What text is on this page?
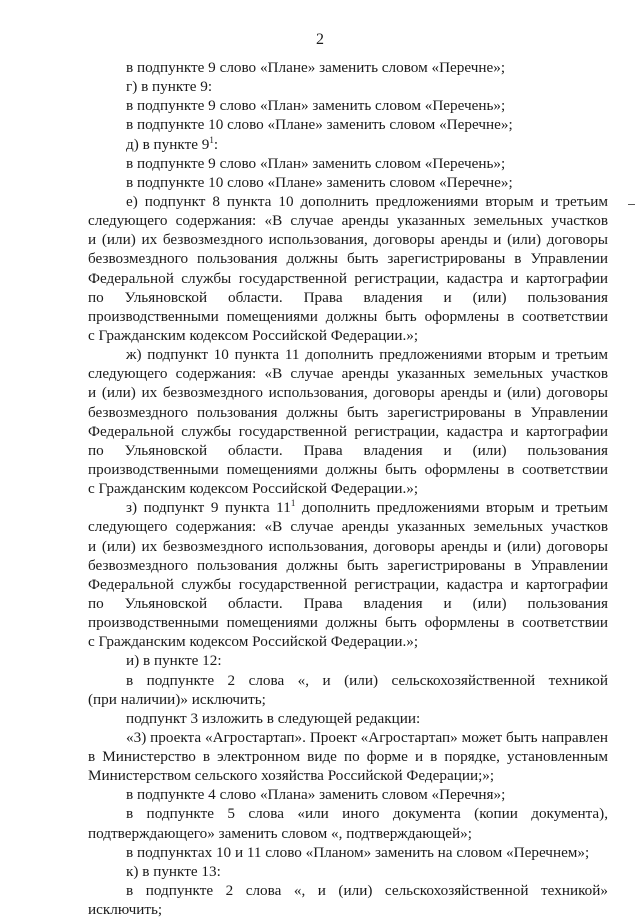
2
в подпункте 9 слово «Плане» заменить словом «Перечне»;
г) в пункте 9:
в подпункте 9 слово «План» заменить словом «Перечень»;
в подпункте 10 слово «Плане» заменить словом «Перечне»;
д) в пункте $9^1$:
в подпункте 9 слово «План» заменить словом «Перечень»;
в подпункте 10 слово «Плане» заменить словом «Перечне»;
е) подпункт 8 пункта 10 дополнить предложениями вторым и третьим
следующего содержания: «В случае аренды указанных земельных участков
и (или) их безвозмездного использования, договоры аренды и (или) договоры
безвозмездного пользования должны быть зарегистрированы в Управлении
Федеральной службы государственной регистрации, кадастра и картографии
по Ульяновской области. Права владения и (или) пользования
производственными помещениями должны быть оформлены в соответствии
с Гражданским кодексом Российской Федерации.»;
ж) подпункт 10 пункта 11 дополнить предложениями вторым и третьим
следующего содержания: «В случае аренды указанных земельных участков
и (или) их безвозмездного использования, договоры аренды и (или) договоры
безвозмездного пользования должны быть зарегистрированы в Управлении
Федеральной службы государственной регистрации, кадастра и картографии
по Ульяновской области. Права владения и (или) пользования
производственными помещениями должны быть оформлены в соответствии
с Гражданским кодексом Российской Федерации.»;
з) подпункт 9 пункта $11^1$ дополнить предложениями вторым и третьим
следующего содержания: «В случае аренды указанных земельных участков
и (или) их безвозмездного использования, договоры аренды и (или) договоры
безвозмездного пользования должны быть зарегистрированы в Управлении
Федеральной службы государственной регистрации, кадастра и картографии
по Ульяновской области. Права владения и (или) пользования
производственными помещениями должны быть оформлены в соответствии
с Гражданским кодексом Российской Федерации.»;
и) в пункте 12:
в подпункте 2 слова «, и (или) сельскохозяйственной техникой
(при наличии)» исключить;
подпункт 3 изложить в следующей редакции:
«3) проекта «Агростартап». Проект «Агростартап» может быть направлен
в Министерство в электронном виде по форме и в порядке, установленным
Министерством сельского хозяйства Российской Федерации;»;
в подпункте 4 слово «Плана» заменить словом «Перечня»;
в подпункте 5 слова «или иного документа (копии документа),
подтверждающего» заменить словом «, подтверждающей»;
в подпунктах 10 и 11 слово «Планом» заменить на словом «Перечнем»;
к) в пункте 13:
в подпункте 2 слова «, и (или) сельскохозяйственной техникой»
исключить;
